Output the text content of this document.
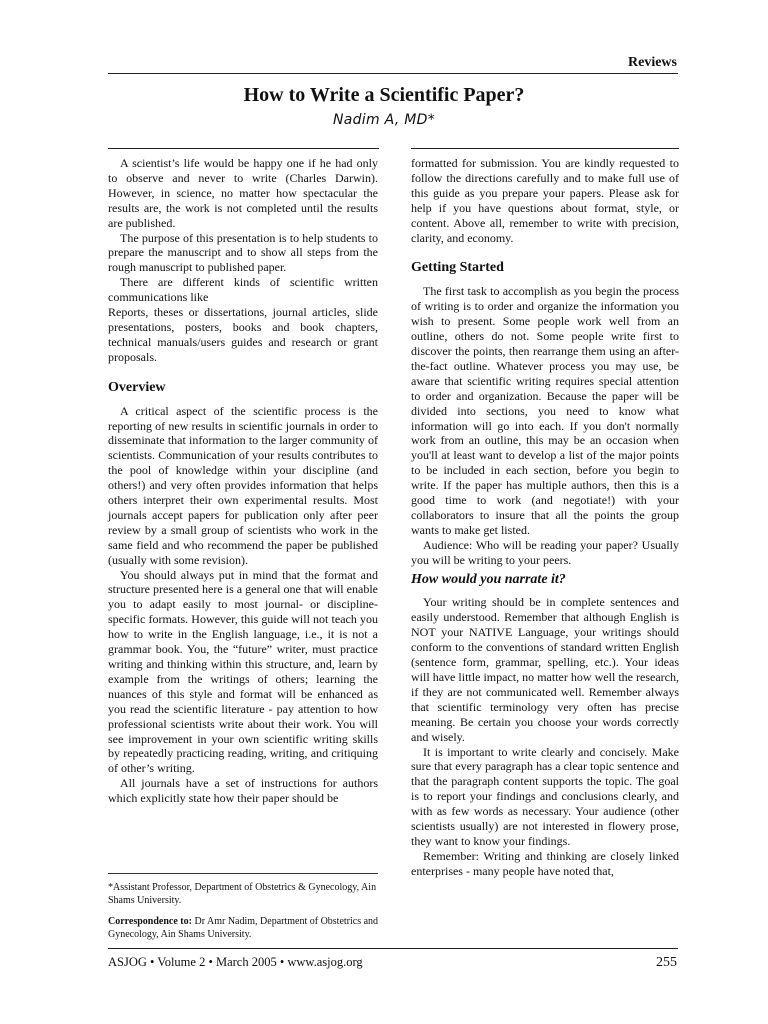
Reviews
How to Write a Scientific Paper?
Nadim A, MD*

A scientist’s life would be happy one if he had only to observe and never to write (Charles Darwin). However, in science, no matter how spectacular the results are, the work is not completed until the results are published.

The purpose of this presentation is to help students to prepare the manuscript and to show all steps from the rough manuscript to published paper.

There are different kinds of scientific written communications like

Reports, theses or dissertations, journal articles, slide presentations, posters, books and book chapters, technical manuals/users guides and research or grant proposals.

Overview

A critical aspect of the scientific process is the reporting of new results in scientific journals in order to disseminate that information to the larger community of scientists. Communication of your results contributes to the pool of knowledge within your discipline (and others!) and very often provides information that helps others interpret their own experimental results. Most journals accept papers for publication only after peer review by a small group of scientists who work in the same field and who recommend the paper be published (usually with some revision).

You should always put in mind that the format and structure presented here is a general one that will enable you to adapt easily to most journal- or discipline-specific formats. However, this guide will not teach you how to write in the English language, i.e., it is not a grammar book. You, the “future” writer, must practice writing and thinking within this structure, and, learn by example from the writings of others; learning the nuances of this style and format will be enhanced as you read the scientific literature - pay attention to how professional scientists write about their work. You will see improvement in your own scientific writing skills by repeatedly practicing reading, writing, and critiquing of other’s writing.

All journals have a set of instructions for authors which explicitly state how their paper should be

formatted for submission. You are kindly requested to follow the directions carefully and to make full use of this guide as you prepare your papers. Please ask for help if you have questions about format, style, or content. Above all, remember to write with precision, clarity, and economy.

Getting Started

The first task to accomplish as you begin the process of writing is to order and organize the information you wish to present. Some people work well from an outline, others do not. Some people write first to discover the points, then rearrange them using an after-the-fact outline. Whatever process you may use, be aware that scientific writing requires special attention to order and organization. Because the paper will be divided into sections, you need to know what information will go into each. If you don't normally work from an outline, this may be an occasion when you'll at least want to develop a list of the major points to be included in each section, before you begin to write. If the paper has multiple authors, then this is a good time to work (and negotiate!) with your collaborators to insure that all the points the group wants to make get listed.

Audience: Who will be reading your paper? Usually you will be writing to your peers.

How would you narrate it?

Your writing should be in complete sentences and easily understood. Remember that although English is NOT your NATIVE Language, your writings should conform to the conventions of standard written English (sentence form, grammar, spelling, etc.). Your ideas will have little impact, no matter how well the research, if they are not communicated well. Remember always that scientific terminology very often has precise meaning. Be certain you choose your words correctly and wisely.

It is important to write clearly and concisely. Make sure that every paragraph has a clear topic sentence and that the paragraph content supports the topic. The goal is to report your findings and conclusions clearly, and with as few words as necessary. Your audience (other scientists usually) are not interested in flowery prose, they want to know your findings.

Remember: Writing and thinking are closely linked enterprises - many people have noted that,

*Assistant Professor, Department of Obstetrics & Gynecology, Ain Shams University.
Correspondence to: Dr Amr Nadim, Department of Obstetrics and Gynecology, Ain Shams University.
ASJOG • Volume 2 • March 2005 • www.asjog.org	255
